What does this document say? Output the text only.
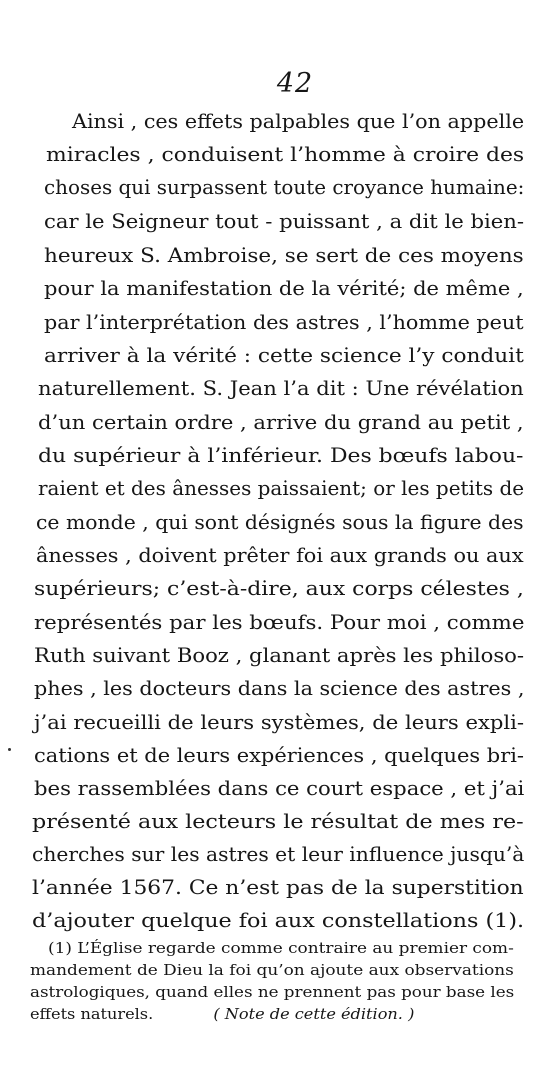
42
Ainsi , ces effets palpables que l’on appelle
miracles , conduisent l’homme à croire des
choses qui surpassent toute croyance humaine:
car le Seigneur tout - puissant , a dit le bien-
heureux S. Ambroise, se sert de ces moyens
pour la manifestation de la vérité; de même ,
par l’interprétation des astres , l’homme peut
arriver à la vérité : cette science l’y conduit
naturellement. S. Jean l’a dit : Une révélation
d’un certain ordre , arrive du grand au petit ,
du supérieur à l’inférieur. Des bœufs labou-
raient et des ânesses paissaient; or les petits de
ce monde , qui sont désignés sous la figure des
ânesses , doivent prêter foi aux grands ou aux
supérieurs; c’est-à-dire, aux corps célestes ,
représentés par les bœufs. Pour moi , comme
Ruth suivant Booz , glanant après les philoso-
phes , les docteurs dans la science des astres ,
j’ai recueilli de leurs systèmes, de leurs expli-
cations et de leurs expériences , quelques bri-
bes rassemblées dans ce court espace , et j’ai
présenté aux lecteurs le résultat de mes re-
cherches sur les astres et leur influence jusqu’à
l’année 1567. Ce n’est pas de la superstition
d’ajouter quelque foi aux constellations (1).
(1) L’Église regarde comme contraire au premier com-
mandement de Dieu la foi qu’on ajoute aux observations
astrologiques, quand elles ne prennent pas pour base les
effets naturels.	( Note de cette édition. )
